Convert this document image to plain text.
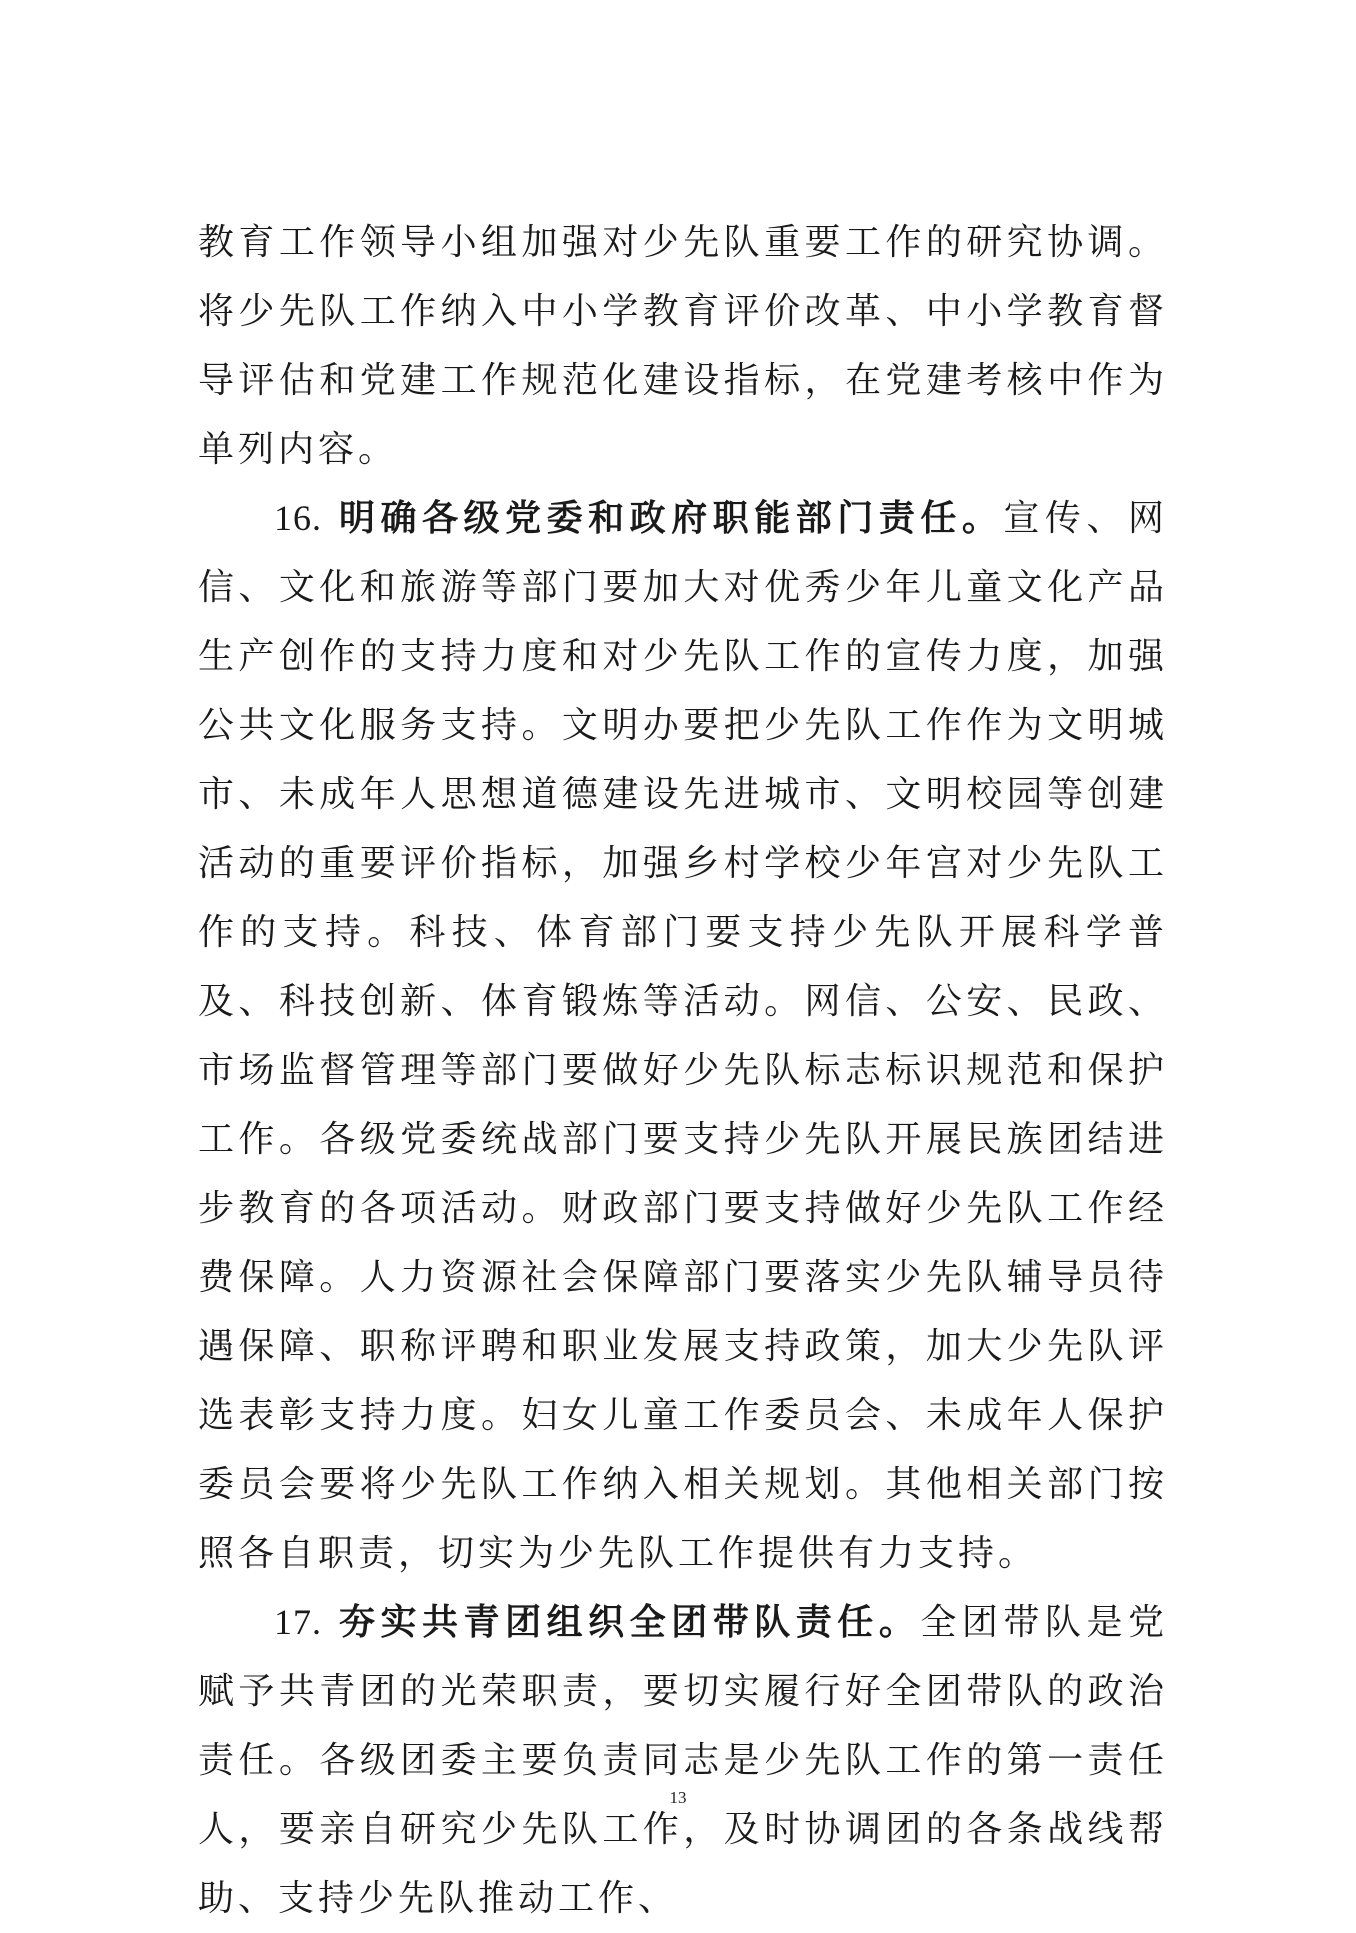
教育工作领导小组加强对少先队重要工作的研究协调。将少先队工作纳入中小学教育评价改革、中小学教育督导评估和党建工作规范化建设指标，在党建考核中作为单列内容。

16. 明确各级党委和政府职能部门责任。宣传、网信、文化和旅游等部门要加大对优秀少年儿童文化产品生产创作的支持力度和对少先队工作的宣传力度，加强公共文化服务支持。文明办要把少先队工作作为文明城市、未成年人思想道德建设先进城市、文明校园等创建活动的重要评价指标，加强乡村学校少年宫对少先队工作的支持。科技、体育部门要支持少先队开展科学普及、科技创新、体育锻炼等活动。网信、公安、民政、市场监督管理等部门要做好少先队标志标识规范和保护工作。各级党委统战部门要支持少先队开展民族团结进步教育的各项活动。财政部门要支持做好少先队工作经费保障。人力资源社会保障部门要落实少先队辅导员待遇保障、职称评聘和职业发展支持政策，加大少先队评选表彰支持力度。妇女儿童工作委员会、未成年人保护委员会要将少先队工作纳入相关规划。其他相关部门按照各自职责，切实为少先队工作提供有力支持。

17. 夯实共青团组织全团带队责任。全团带队是党赋予共青团的光荣职责，要切实履行好全团带队的政治责任。各级团委主要负责同志是少先队工作的第一责任人，要亲自研究少先队工作，及时协调团的各条战线帮助、支持少先队推动工作、

13
